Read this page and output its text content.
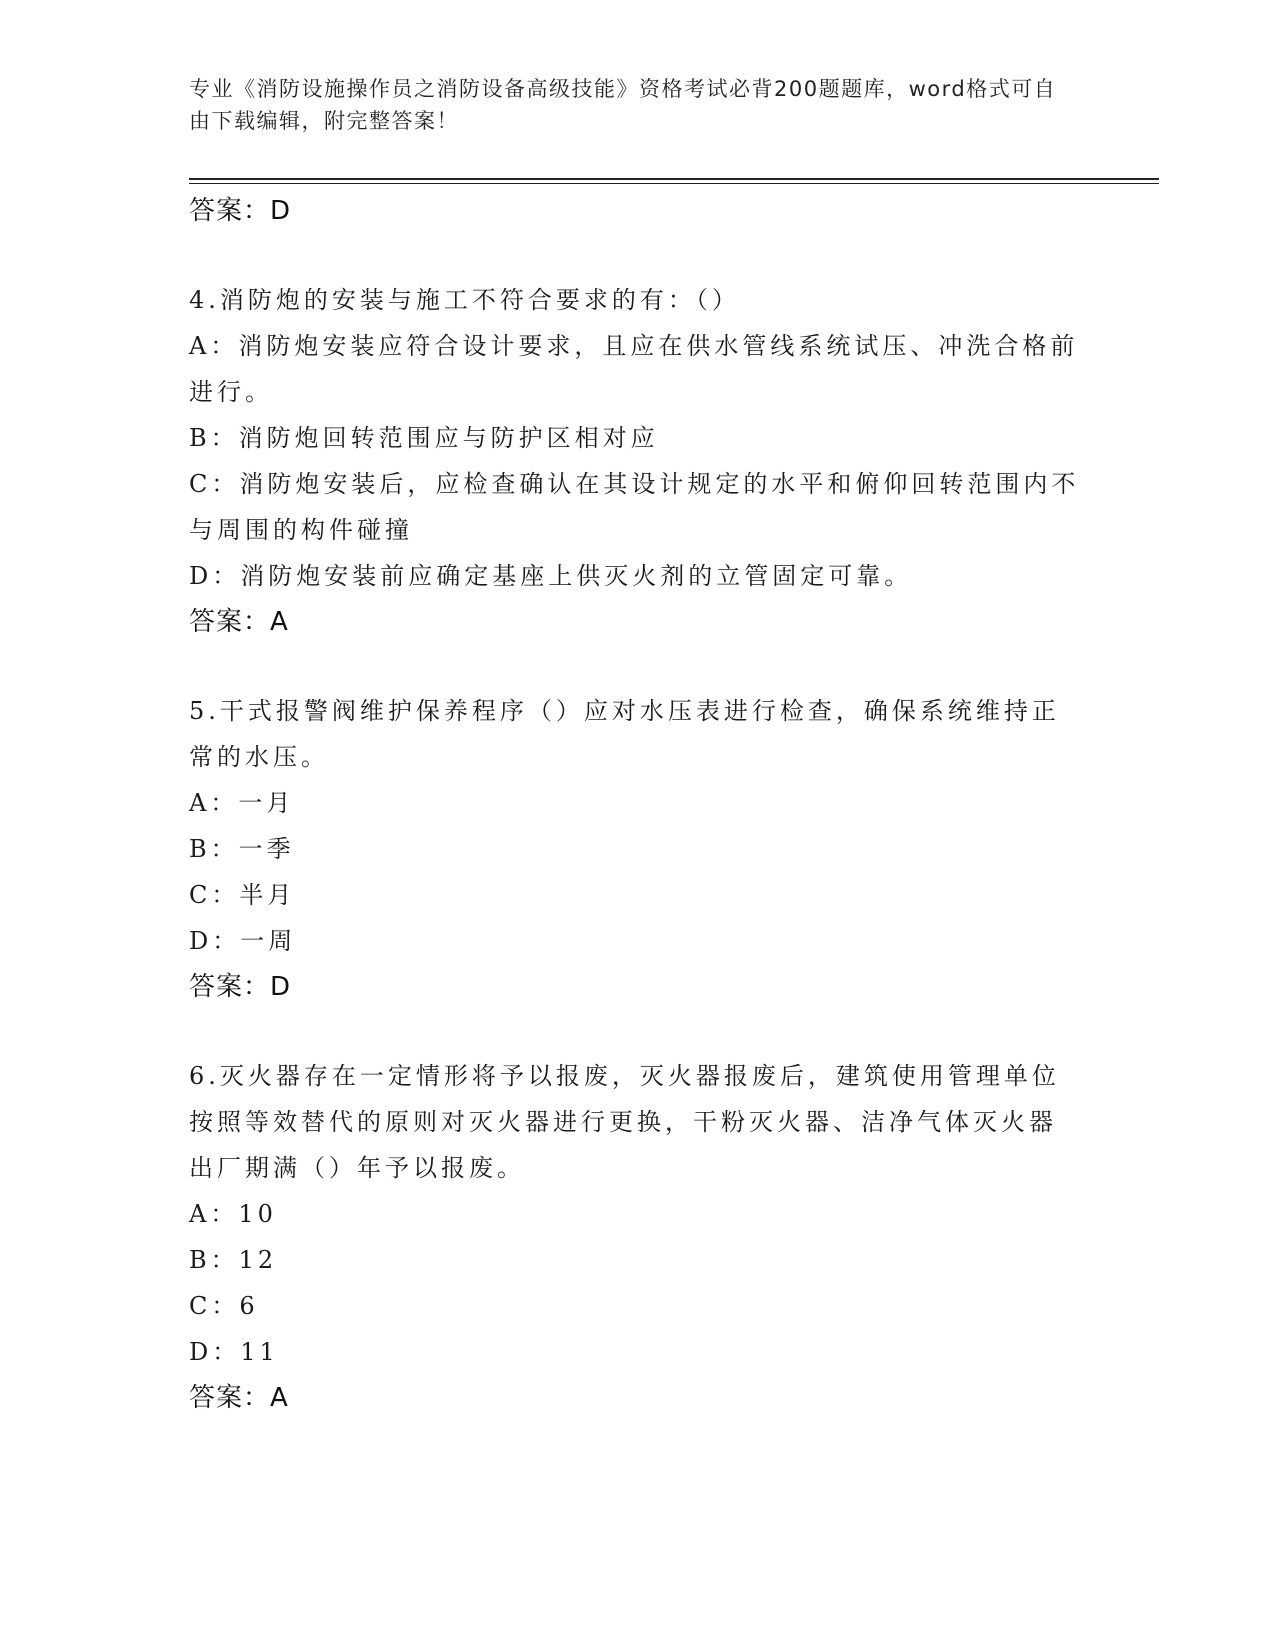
专业《消防设施操作员之消防设备高级技能》资格考试必背200题题库，word格式可自由下载编辑，附完整答案！
答案：D
4.消防炮的安装与施工不符合要求的有：（）
A：消防炮安装应符合设计要求，且应在供水管线系统试压、冲洗合格前进行。
B：消防炮回转范围应与防护区相对应
C：消防炮安装后，应检查确认在其设计规定的水平和俯仰回转范围内不与周围的构件碰撞
D：消防炮安装前应确定基座上供灭火剂的立管固定可靠。
答案：A
5.干式报警阀维护保养程序（）应对水压表进行检查，确保系统维持正常的水压。
A：一月
B：一季
C：半月
D：一周
答案：D
6.灭火器存在一定情形将予以报废，灭火器报废后，建筑使用管理单位按照等效替代的原则对灭火器进行更换，干粉灭火器、洁净气体灭火器出厂期满（）年予以报废。
A：10
B：12
C：6
D：11
答案：A
